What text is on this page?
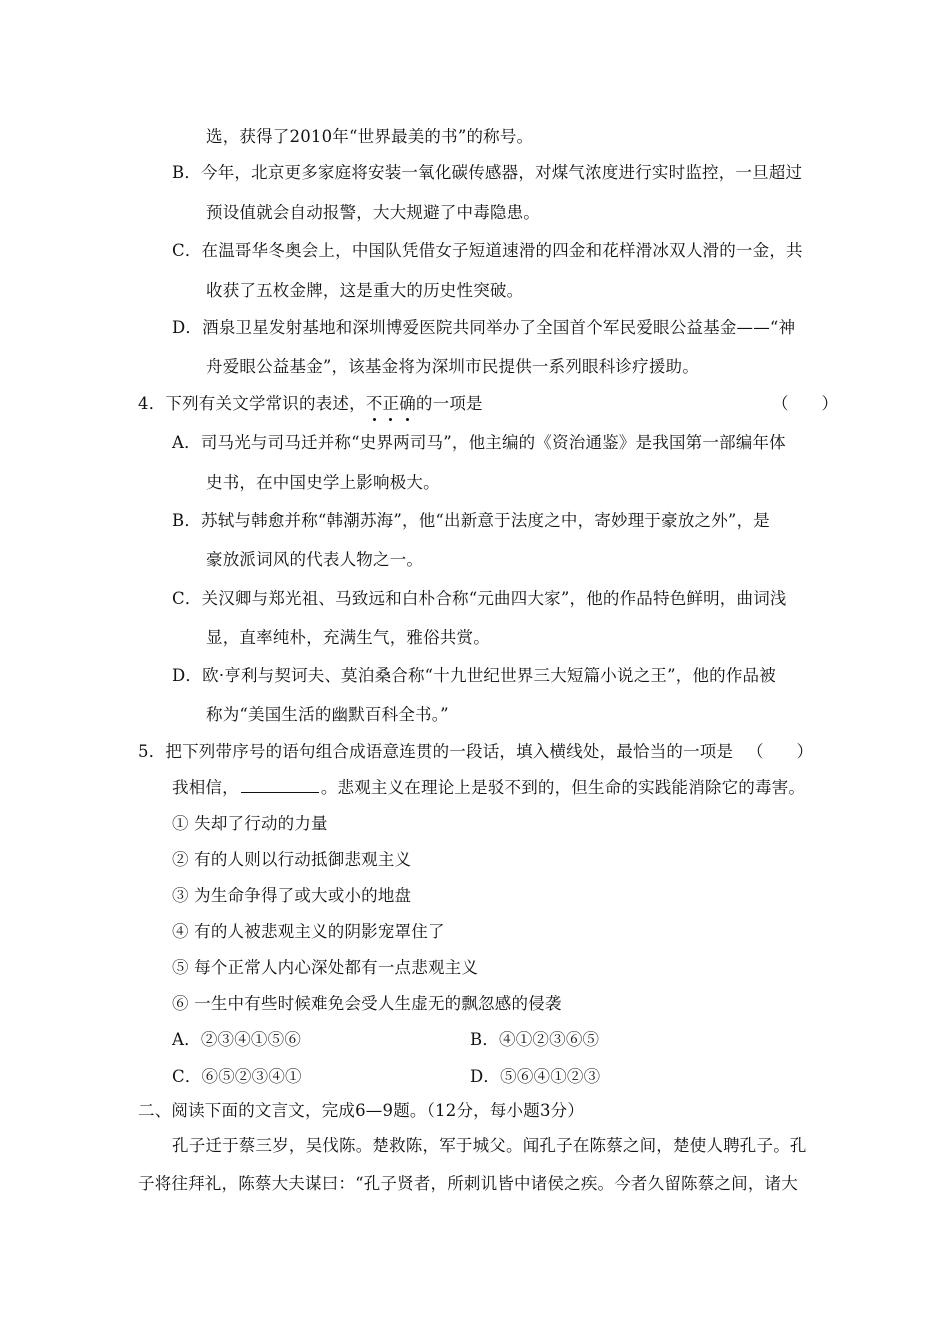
选，获得了2010年“世界最美的书”的称号。
B．今年，北京更多家庭将安装一氧化碳传感器，对煤气浓度进行实时监控，一旦超过
预设值就会自动报警，大大规避了中毒隐患。
C．在温哥华冬奥会上，中国队凭借女子短道速滑的四金和花样滑冰双人滑的一金，共
收获了五枚金牌，这是重大的历史性突破。
D．酒泉卫星发射基地和深圳博爱医院共同举办了全国首个军民爱眼公益基金——“神
舟爱眼公益基金”，该基金将为深圳市民提供一系列眼科诊疗援助。
4．下列有关文学常识的表述，不正确的一项是	（　　）
A．司马光与司马迁并称“史界两司马”，他主编的《资治通鉴》是我国第一部编年体
史书，在中国史学上影响极大。
B．苏轼与韩愈并称“韩潮苏海”，他“出新意于法度之中，寄妙理于豪放之外”，是
豪放派词风的代表人物之一。
C．关汉卿与郑光祖、马致远和白朴合称“元曲四大家”，他的作品特色鲜明，曲词浅
显，直率纯朴，充满生气，雅俗共赏。
D．欧·亨利与契诃夫、莫泊桑合称“十九世纪世界三大短篇小说之王”，他的作品被
称为“美国生活的幽默百科全书。”
5．把下列带序号的语句组合成语意连贯的一段话，填入横线处，最恰当的一项是 （　　）
我相信，	。悲观主义在理论上是驳不到的，但生命的实践能消除它的毒害。
① 失却了行动的力量
② 有的人则以行动抵御悲观主义
③ 为生命争得了或大或小的地盘
④ 有的人被悲观主义的阴影宠罩住了
⑤ 每个正常人内心深处都有一点悲观主义
⑥ 一生中有些时候难免会受人生虚无的飘忽感的侵袭
A．②③④①⑤⑥	B．④①②③⑥⑤
C．⑥⑤②③④①	D．⑤⑥④①②③
二、阅读下面的文言文，完成6—9题。（12分，每小题3分）
孔子迁于蔡三岁，吴伐陈。楚救陈，军于城父。闻孔子在陈蔡之间，楚使人聘孔子。孔
子将往拜礼，陈蔡大夫谋曰：“孔子贤者，所刺讥皆中诸侯之疾。今者久留陈蔡之间，诸大
